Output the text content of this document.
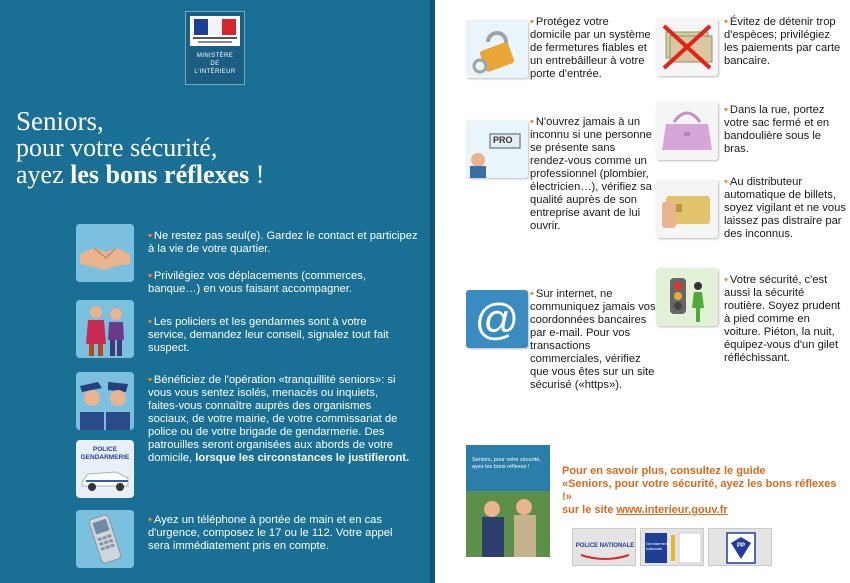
MINISTÈRE
DE
L'INTÉRIEUR
Seniors,
pour votre sécurité,
ayez les bons réflexes !
POLICE
GENDARMERIE
• Ne restez pas seul(e). Gardez le contact et participez à la vie de votre quartier.
• Privilégiez vos déplacements (commerces, banque…) en vous faisant accompagner.
• Les policiers et les gendarmes sont à votre service, demandez leur conseil, signalez tout fait suspect.
• Bénéficiez de l'opération «tranquillité seniors»: si vous vous sentez isolés, menacés ou inquiets, faites-vous connaître auprès des organismes sociaux, de votre mairie, de votre commissariat de police ou de votre brigade de gendarmerie. Des patrouilles seront organisées aux abords de votre domicile, lorsque les circonstances le justifieront.
• Ayez un téléphone à portée de main et en cas d'urgence, composez le 17 ou le 112. Votre appel sera immédiatement pris en compte.
PRO
@
• Protégez votre domicile par un système de fermetures fiables et un entrebâilleur à votre porte d'entrée.
• N'ouvrez jamais à un inconnu si une personne se présente sans rendez-vous comme un professionnel (plombier, électricien…), vérifiez sa qualité auprès de son entreprise avant de lui ouvrir.
• Sur internet, ne communiquez jamais vos coordonnées bancaires par e-mail. Pour vos transactions commerciales, vérifiez que vous êtes sur un site sécurisé («https»).
• Évitez de détenir trop d'espèces; privilégiez les paiements par carte bancaire.
• Dans la rue, portez votre sac fermé et en bandoulière sous le bras.
• Au distributeur automatique de billets, soyez vigilant et ne vous laissez pas distraire par des inconnus.
• Votre sécurité, c'est aussi la sécurité routière. Soyez prudent à pied comme en voiture. Piéton, la nuit, équipez-vous d'un gilet réfléchissant.
Seniors, pour votre sécurité, ayez les bons réflexes !	Pour en savoir plus, consultez le guide
«Seniors, pour votre sécurité, ayez les bons réflexes !»
sur le site www.interieur.gouv.fr
POLICE NATIONALE	Gendarmerie nationale	PP
